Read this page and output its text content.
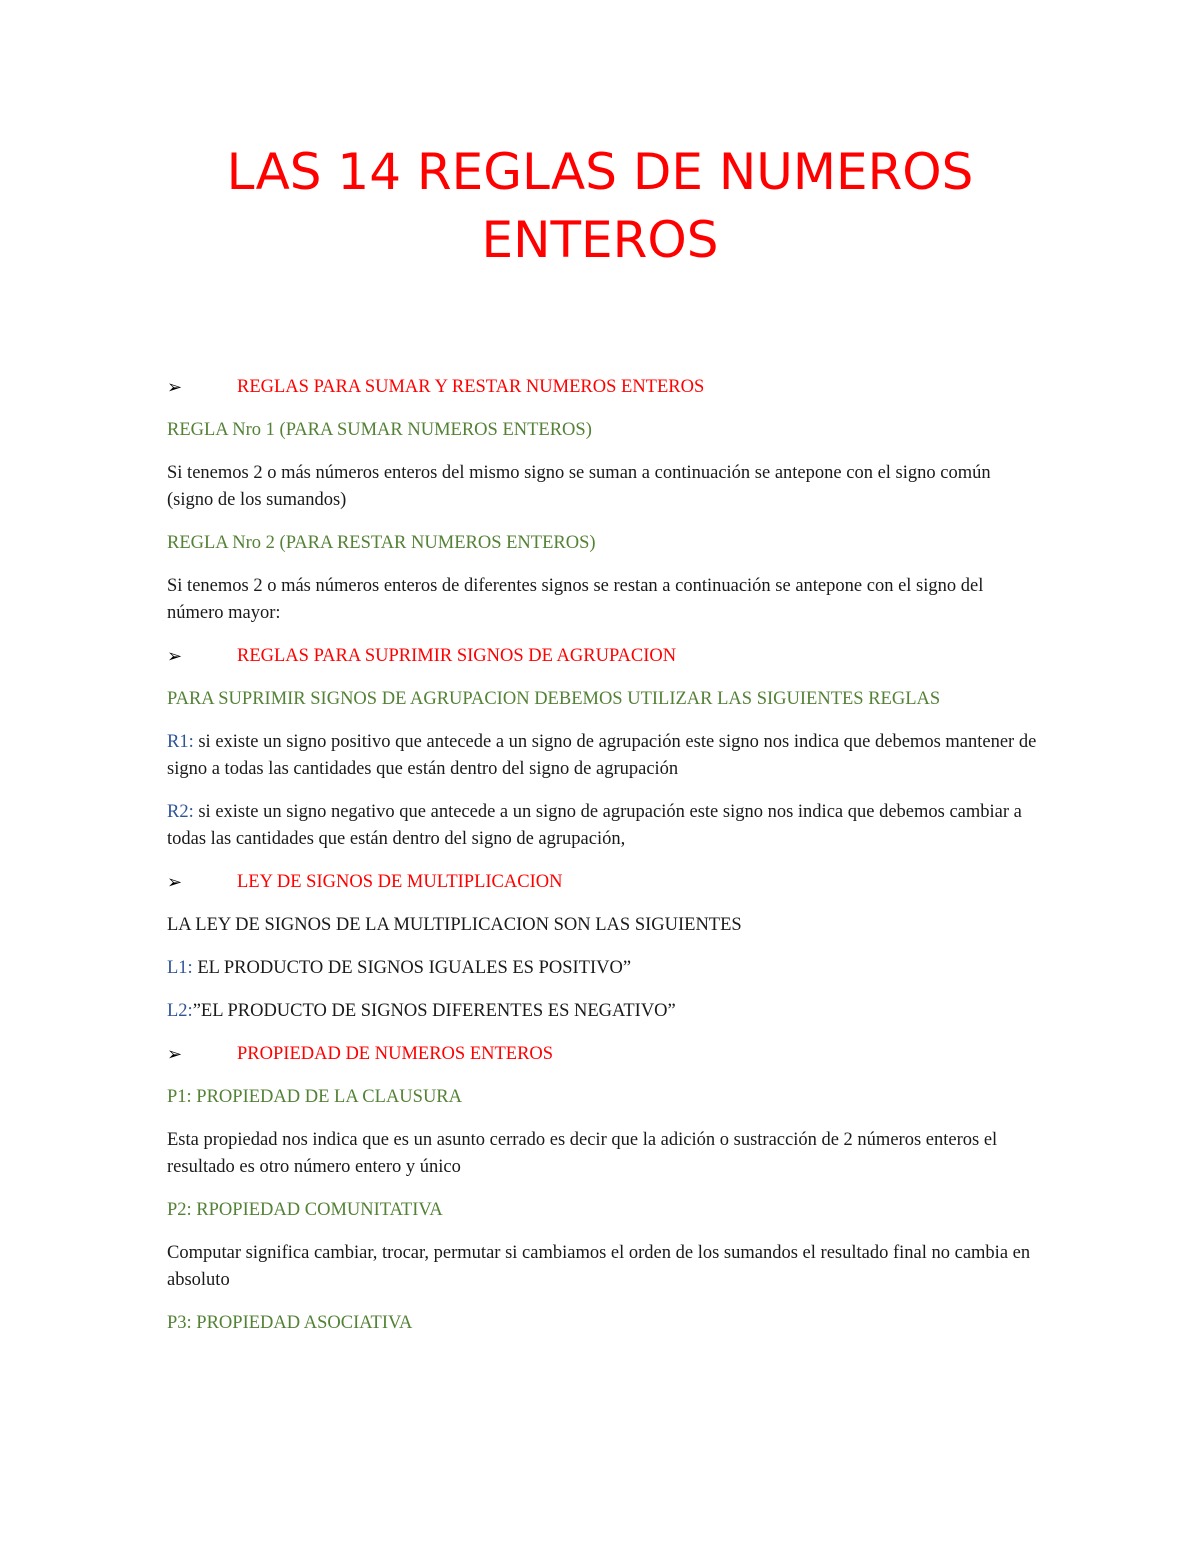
LAS 14 REGLAS DE NUMEROS
ENTEROS
➢	REGLAS PARA SUMAR Y RESTAR NUMEROS ENTEROS

REGLA Nro 1 (PARA SUMAR NUMEROS ENTEROS)

Si tenemos 2 o más números enteros del mismo signo se suman a continuación se antepone con el signo común (signo de los sumandos)

REGLA Nro 2 (PARA RESTAR NUMEROS ENTEROS)

Si tenemos 2 o más números enteros de diferentes signos se restan a continuación se antepone con el signo del número mayor:

➢	REGLAS PARA SUPRIMIR SIGNOS DE AGRUPACION

PARA SUPRIMIR SIGNOS DE AGRUPACION DEBEMOS UTILIZAR LAS SIGUIENTES REGLAS

R1: si existe un signo positivo que antecede a un signo de agrupación este signo nos indica que debemos mantener de signo a todas las cantidades que están dentro del signo de agrupación

R2: si existe un signo negativo que antecede a un signo de agrupación este signo nos indica que debemos cambiar a todas las cantidades que están dentro del signo de agrupación,

➢	LEY DE SIGNOS DE MULTIPLICACION

LA LEY DE SIGNOS DE LA MULTIPLICACION SON LAS SIGUIENTES

L1: EL PRODUCTO DE SIGNOS IGUALES ES POSITIVO”

L2:”EL PRODUCTO DE SIGNOS DIFERENTES ES NEGATIVO”

➢	PROPIEDAD DE NUMEROS ENTEROS

P1: PROPIEDAD DE LA CLAUSURA

Esta propiedad nos indica que es un asunto cerrado es decir que la adición o sustracción de 2 números enteros el resultado es otro número entero y único

P2: RPOPIEDAD COMUNITATIVA

Computar significa cambiar, trocar, permutar si cambiamos el orden de los sumandos el resultado final no cambia en absoluto

P3: PROPIEDAD ASOCIATIVA
